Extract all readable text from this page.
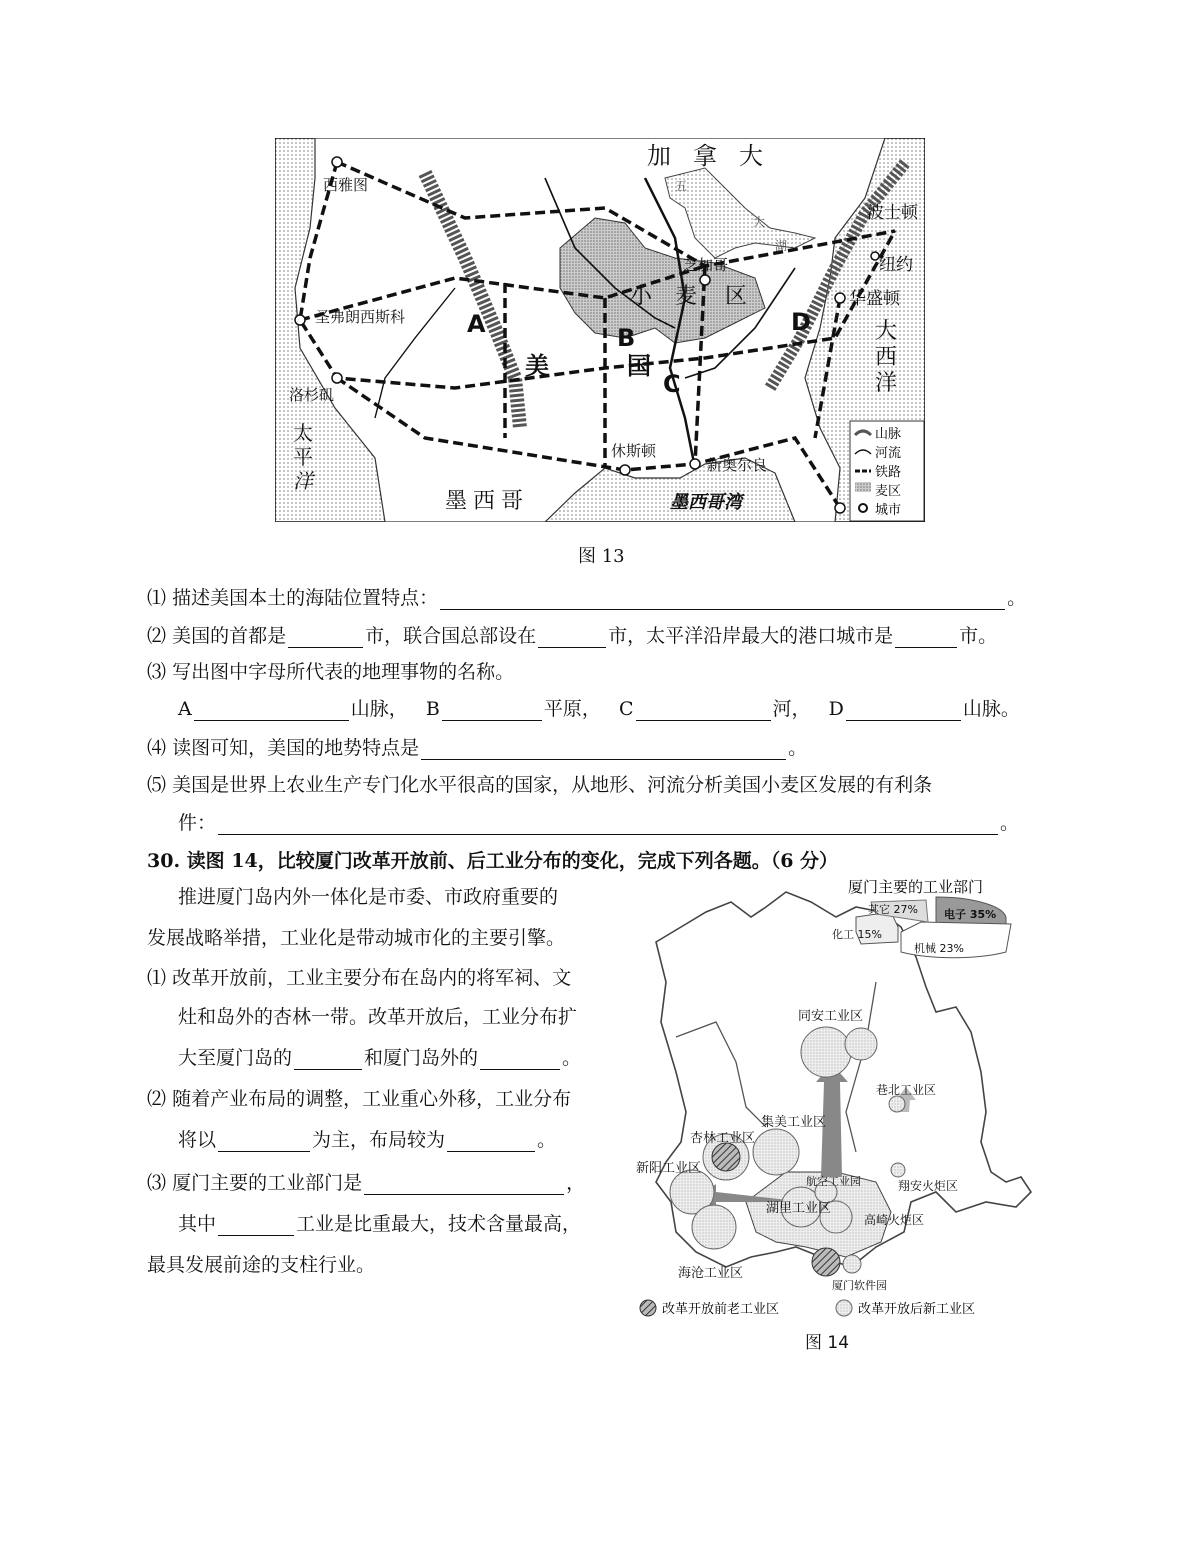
加拿大
西雅图
圣弗朗西斯科
洛杉矶
太
平
洋
墨西哥	墨西哥湾
休斯顿
新奥尔良
美	国
小 麦 区
芝加哥
华盛顿
纽约
波士顿
大
西
洋
五
大
湖
A	B
C
D
山脉
河流
铁路
麦区
城市
图 13
⑴ 描述美国本土的海陆位置特点：	。
⑵ 美国的首都是	市，联合国总部设在	市，太平洋沿岸最大的港口城市是	市。
⑶ 写出图中字母所代表的地理事物的名称。
A	山脉， B	平原， C	河， D	山脉。
⑷ 读图可知，美国的地势特点是	。
⑸ 美国是世界上农业生产专门化水平很高的国家，从地形、河流分析美国小麦区发展的有利条
件：	。
30. 读图 14，比较厦门改革开放前、后工业分布的变化，完成下列各题。（6 分）
推进厦门岛内外一体化是市委、市政府重要的
发展战略举措，工业化是带动城市化的主要引擎。
⑴ 改革开放前，工业主要分布在岛内的将军祠、文
灶和岛外的杏林一带。改革开放后，工业分布扩
大至厦门岛的	和厦门岛外的	。
⑵ 随着产业布局的调整，工业重心外移，工业分布
将以	为主，布局较为	。
⑶ 厦门主要的工业部门是	，
其中	工业是比重最大，技术含量最高，
最具发展前途的支柱行业。
同安工业区
巷北工业区
集美工业区
杏林工业区
新阳工业区
航空工业园	翔安火炬区
湖里工业区
高崎火炬区
海沧工业区
厦门软件园
厦门主要的工业部门
电子 35%
机械 23%
化工 15%
其它 27%
改革开放前老工业区	改革开放后新工业区
图 14
